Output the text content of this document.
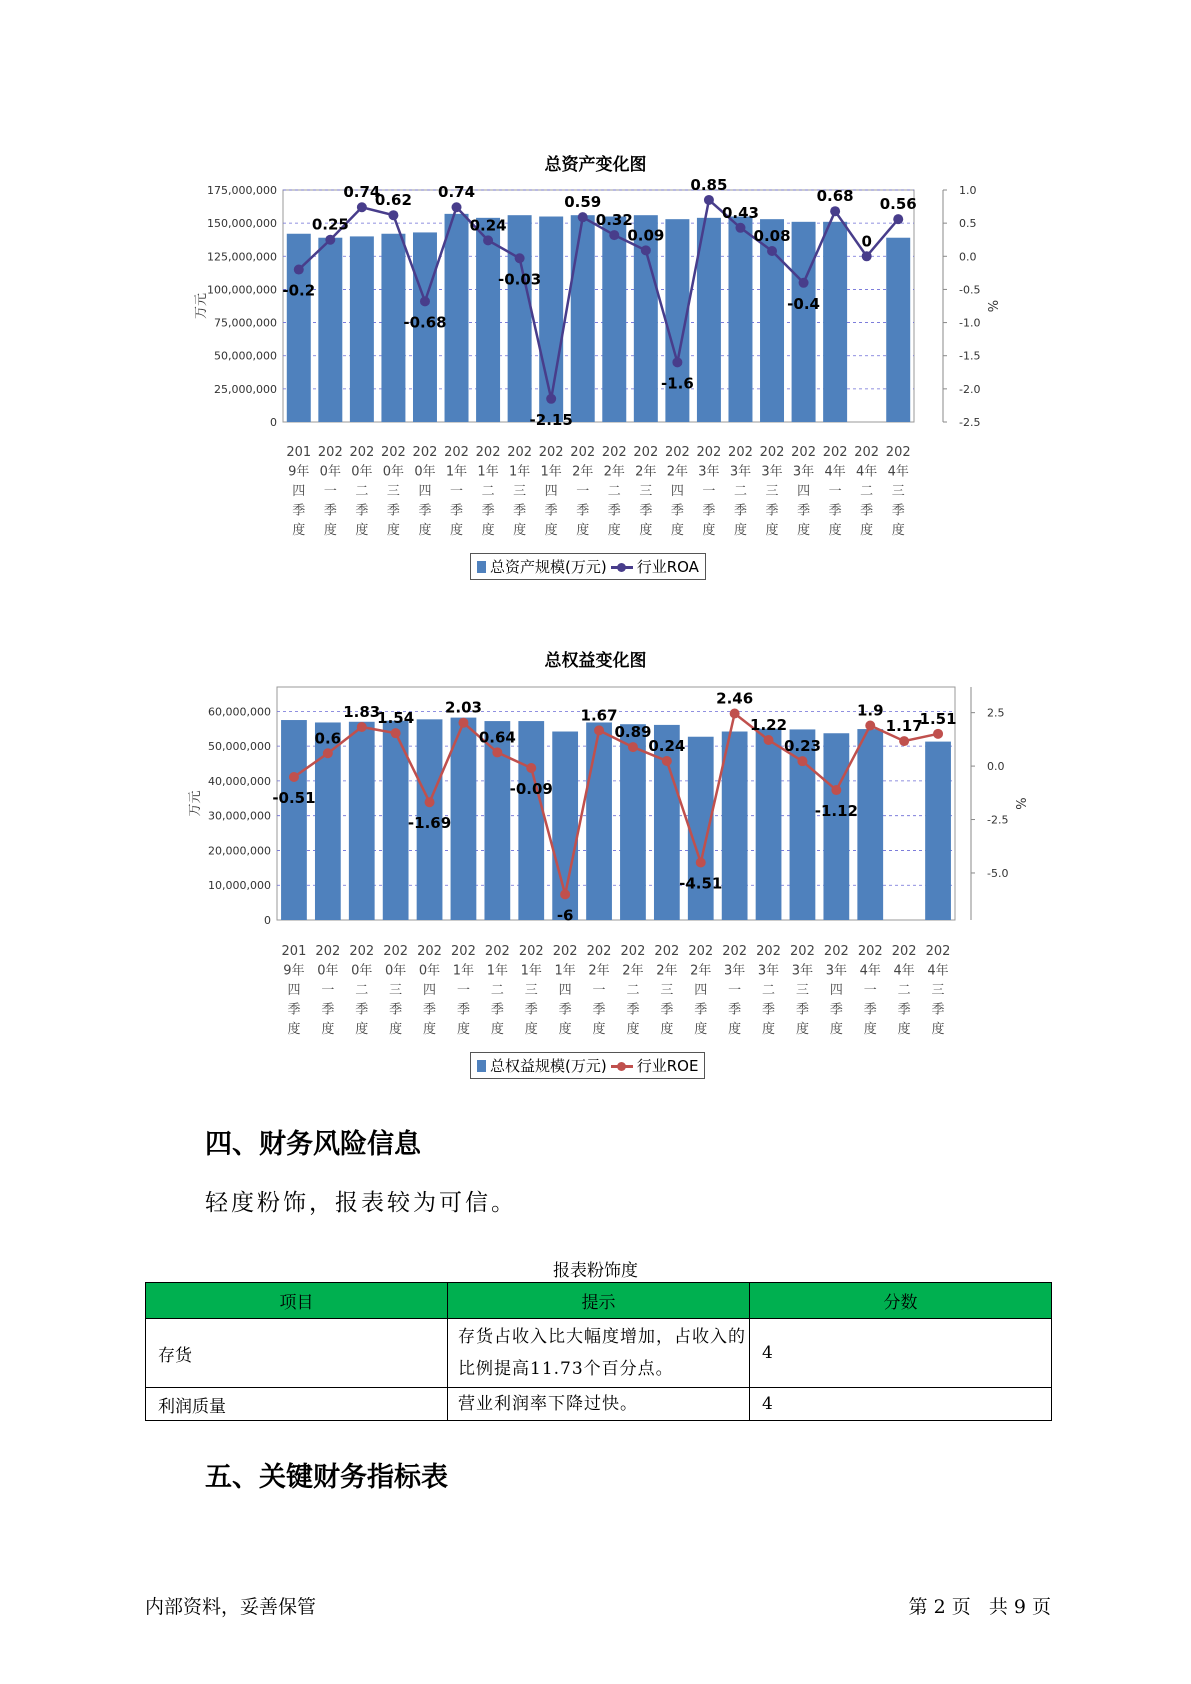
总资产变化图
0
25,000,000
50,000,000
75,000,000
100,000,000
125,000,000
150,000,000
175,000,000
万元
-2.5
-2.0
-1.5
-1.0
-0.5
0.0
0.5
1.0
%
201
9年
四
季
度
202
0年
一
季
度
202
0年
二
季
度
202
0年
三
季
度
202
0年
四
季
度
202
1年
一
季
度
202
1年
二
季
度
202
1年
三
季
度
202
1年
四
季
度
202
2年
一
季
度
202
2年
二
季
度
202
2年
三
季
度
202
2年
四
季
度
202
3年
一
季
度
202
3年
二
季
度
202
3年
三
季
度
202
3年
四
季
度
202
4年
一
季
度
202
4年
二
季
度
202
4年
三
季
度
-0.2
0.25
0.74
0.62
-0.68
0.74
0.24
-0.03
-2.15
0.59
0.32
0.09
-1.6
0.85
0.43
0.08
-0.4
0.68
0
0.56
总资产规模(万元) 行业ROA
总权益变化图
0
10,000,000
20,000,000
30,000,000
40,000,000
50,000,000
60,000,000
万元
-5.0
-2.5
0.0
2.5
%
201
9年
四
季
度
202
0年
一
季
度
202
0年
二
季
度
202
0年
三
季
度
202
0年
四
季
度
202
1年
一
季
度
202
1年
二
季
度
202
1年
三
季
度
202
1年
四
季
度
202
2年
一
季
度
202
2年
二
季
度
202
2年
三
季
度
202
2年
四
季
度
202
3年
一
季
度
202
3年
二
季
度
202
3年
三
季
度
202
3年
四
季
度
202
4年
一
季
度
202
4年
二
季
度
202
4年
三
季
度
-0.51
0.6
1.83
1.54
-1.69
2.03
0.64
-0.09
-6
1.67
0.89
0.24
-4.51
2.46
1.22
0.23
-1.12
1.9
1.17
1.51
总权益规模(万元) 行业ROE
四、财务风险信息
轻度粉饰，报表较为可信。
报表粉饰度
项目	提示	分数
存货	存货占收入比大幅度增加，占收入的比例提高11.73个百分点。	4
利润质量	营业利润率下降过快。	4
五、关键财务指标表
内部资料，妥善保管	第 2 页   共 9 页
